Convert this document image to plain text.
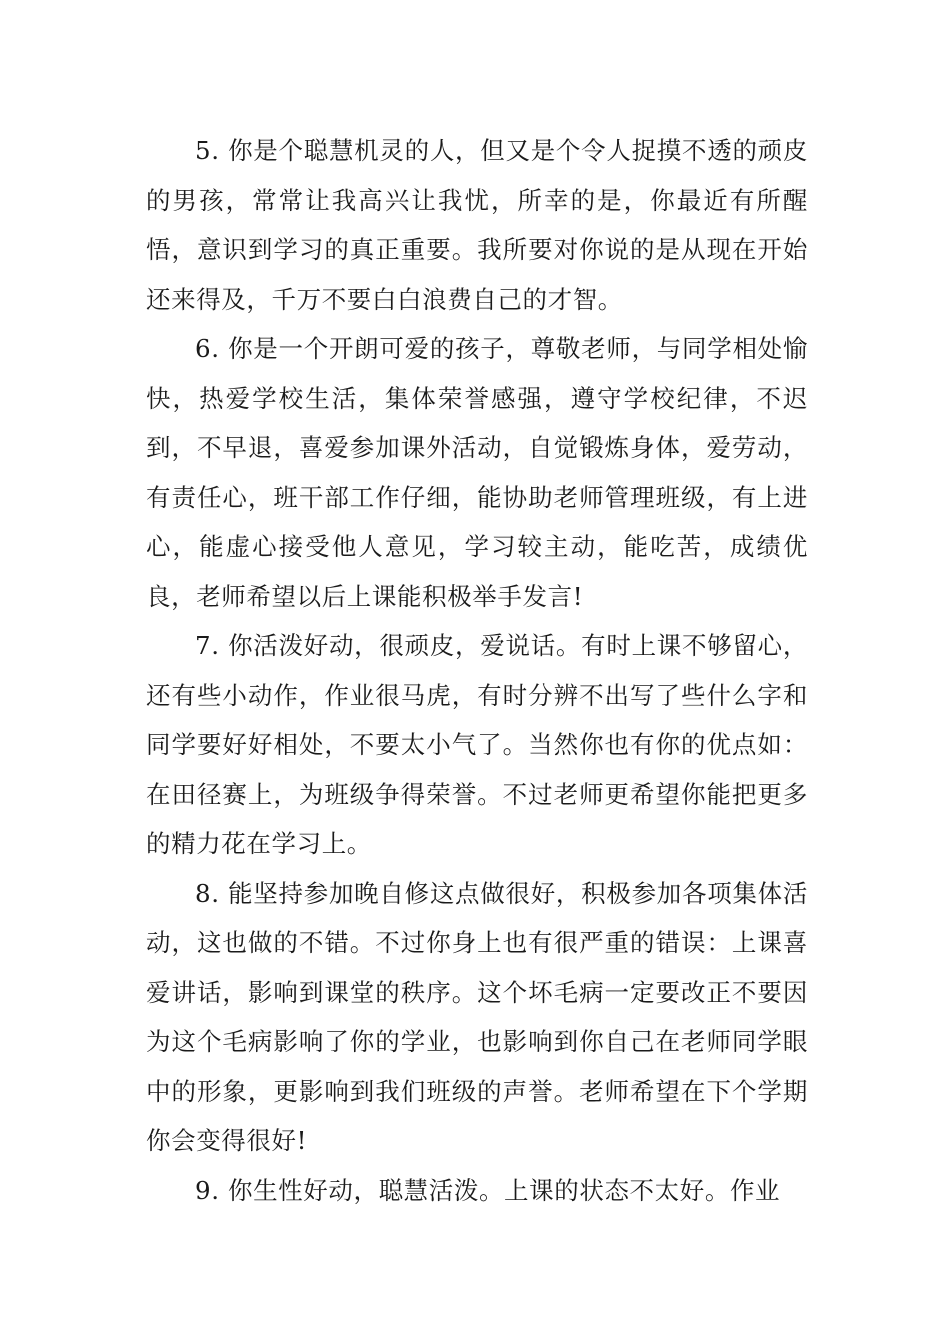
5. 你是个聪慧机灵的人，但又是个令人捉摸不透的顽皮的男孩，常常让我高兴让我忧，所幸的是，你最近有所醒悟，意识到学习的真正重要。我所要对你说的是从现在开始还来得及，千万不要白白浪费自己的才智。

6. 你是一个开朗可爱的孩子，尊敬老师，与同学相处愉快，热爱学校生活，集体荣誉感强，遵守学校纪律，不迟到，不早退，喜爱参加课外活动，自觉锻炼身体，爱劳动，有责任心，班干部工作仔细，能协助老师管理班级，有上进心，能虚心接受他人意见，学习较主动，能吃苦，成绩优良，老师希望以后上课能积极举手发言!

7. 你活泼好动，很顽皮，爱说话。有时上课不够留心，还有些小动作，作业很马虎，有时分辨不出写了些什么字和同学要好好相处，不要太小气了。当然你也有你的优点如：在田径赛上，为班级争得荣誉。不过老师更希望你能把更多的精力花在学习上。

8. 能坚持参加晚自修这点做很好，积极参加各项集体活动，这也做的不错。不过你身上也有很严重的错误：上课喜爱讲话，影响到课堂的秩序。这个坏毛病一定要改正不要因为这个毛病影响了你的学业，也影响到你自己在老师同学眼中的形象，更影响到我们班级的声誉。老师希望在下个学期你会变得很好!

9. 你生性好动，聪慧活泼。上课的状态不太好。作业
